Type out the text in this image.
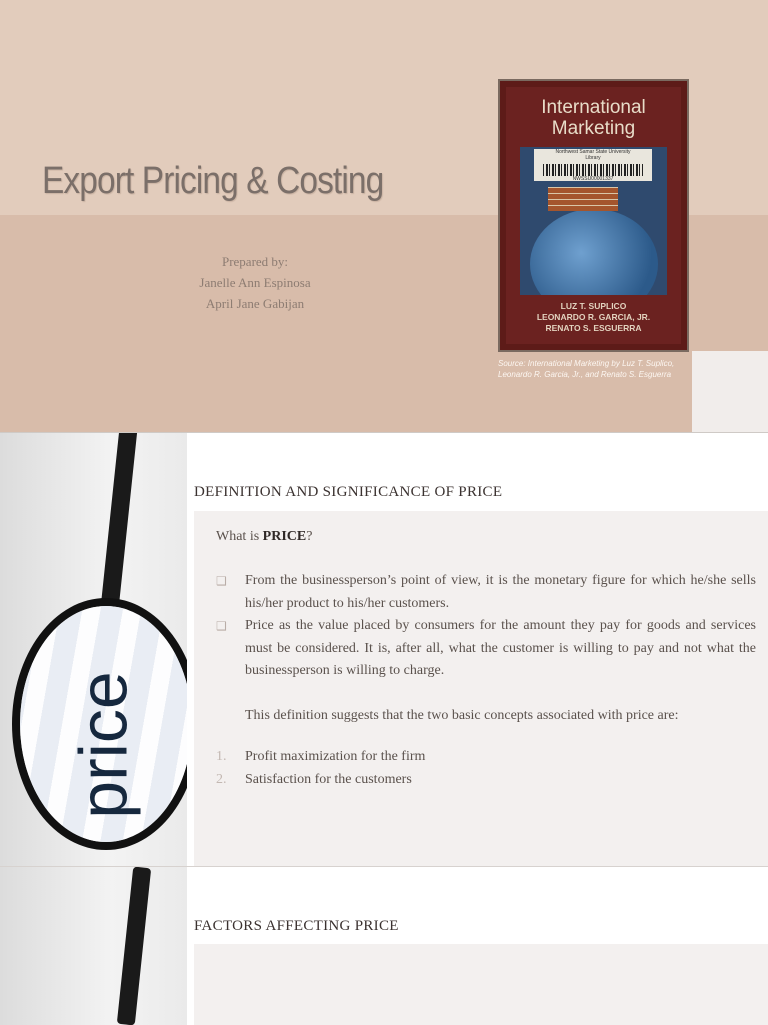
Export Pricing & Costing
Prepared by:
Janelle Ann Espinosa
April Jane Gabijan
International
Marketing
Northwest Samar State University
Library
NWSSU00001337
LUZ T. SUPLICO
LEONARDO R. GARCIA, JR.
RENATO S. ESGUERRA
Source: International Marketing by Luz T. Suplico, Leonardo R. Garcia, Jr., and Renato S. Esguerra
price
DEFINITION AND SIGNIFICANCE OF PRICE
What is PRICE?
❑	From the businessperson’s point of view, it is the monetary figure for which he/she sells his/her product to his/her customers.
❑	Price as the value placed by consumers for the amount they pay for goods and services must be considered. It is, after all, what the customer is willing to pay and not what the businessperson is willing to charge.
This definition suggests that the two basic concepts associated with price are:
1.	Profit maximization for the firm
2.	Satisfaction for the customers
FACTORS AFFECTING PRICE
